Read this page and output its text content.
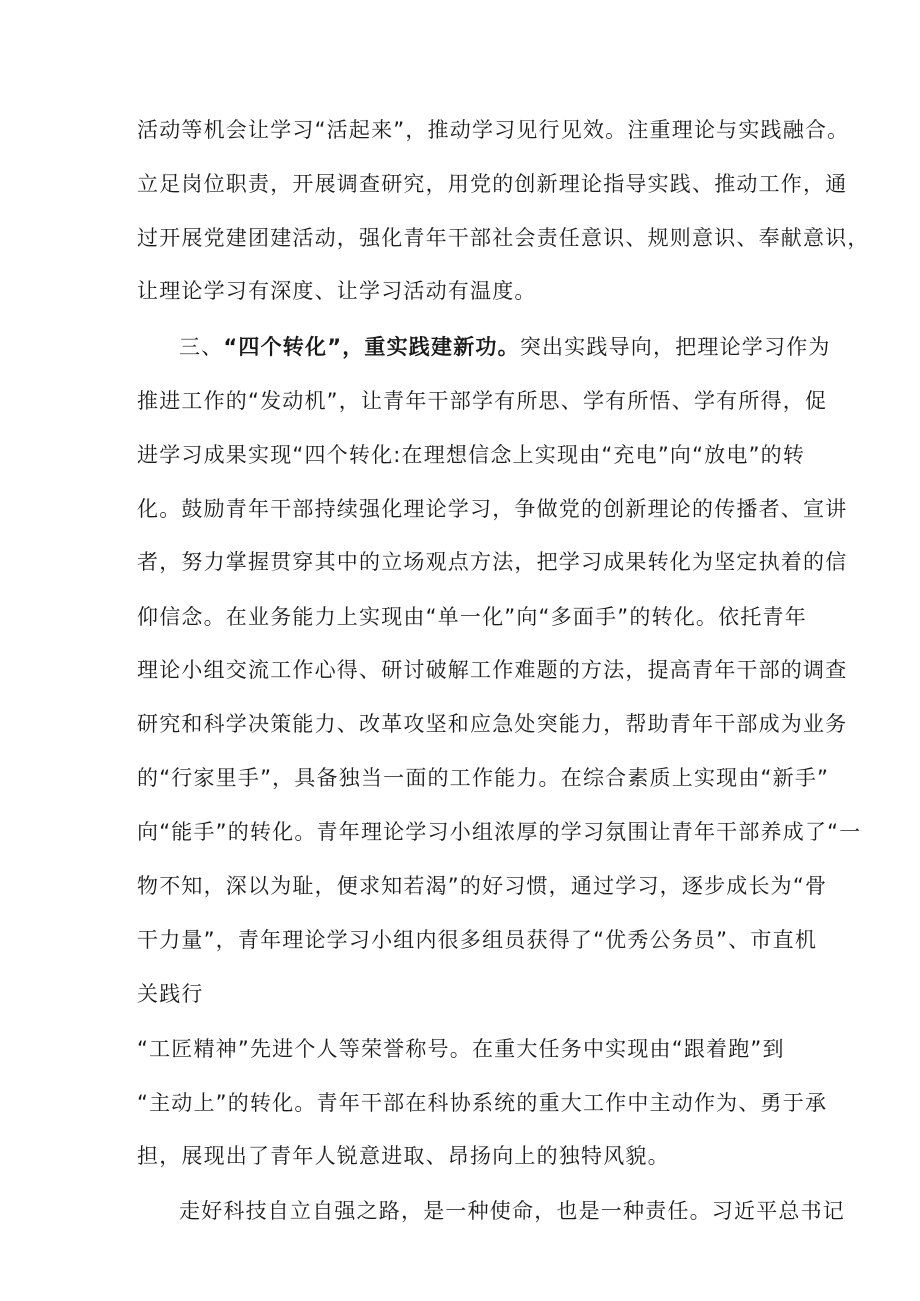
活动等机会让学习“活起来”，推动学习见行见效。注重理论与实践融合。
立足岗位职责，开展调查研究，用党的创新理论指导实践、推动工作，通
过开展党建团建活动，强化青年干部社会责任意识、规则意识、奉献意识，
让理论学习有深度、让学习活动有温度。
三、“四个转化”，重实践建新功。突出实践导向，把理论学习作为
推进工作的“发动机”，让青年干部学有所思、学有所悟、学有所得，促
进学习成果实现“四个转化:在理想信念上实现由“充电”向“放电”的转
化。鼓励青年干部持续强化理论学习，争做党的创新理论的传播者、宣讲
者，努力掌握贯穿其中的立场观点方法，把学习成果转化为坚定执着的信
仰信念。在业务能力上实现由“单一化”向“多面手”的转化。依托青年
理论小组交流工作心得、研讨破解工作难题的方法，提高青年干部的调查
研究和科学决策能力、改革攻坚和应急处突能力，帮助青年干部成为业务
的“行家里手”，具备独当一面的工作能力。在综合素质上实现由“新手”
向“能手”的转化。青年理论学习小组浓厚的学习氛围让青年干部养成了“一
物不知，深以为耻，便求知若渴”的好习惯，通过学习，逐步成长为“骨
干力量”，青年理论学习小组内很多组员获得了“优秀公务员”、市直机
关践行
“工匠精神”先进个人等荣誉称号。在重大任务中实现由“跟着跑”到
“主动上”的转化。青年干部在科协系统的重大工作中主动作为、勇于承
担，展现出了青年人锐意进取、昂扬向上的独特风貌。
走好科技自立自强之路，是一种使命，也是一种责任。习近平总书记
